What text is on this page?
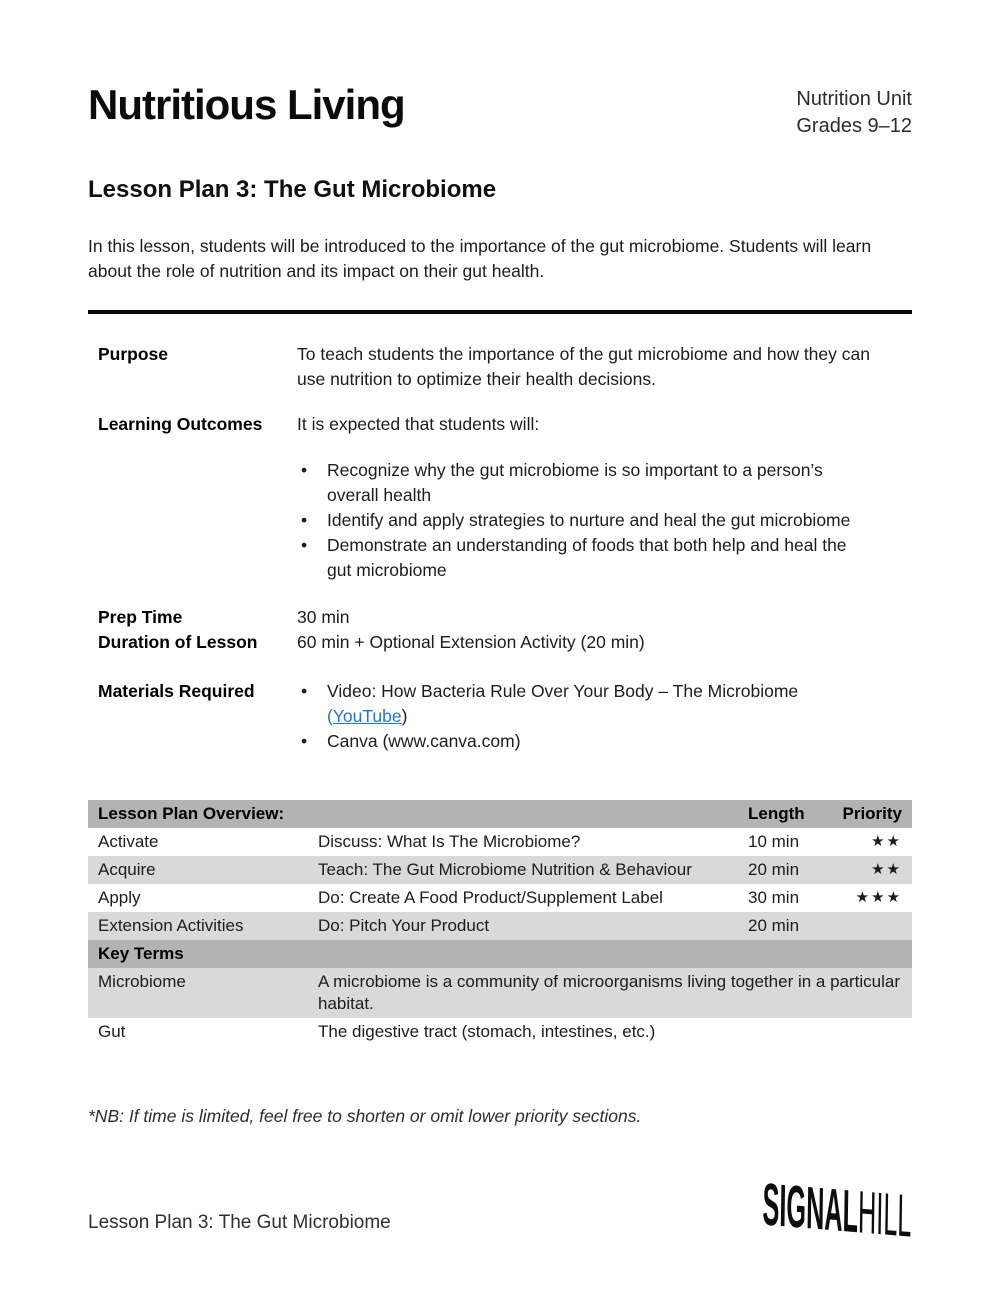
Nutritious Living	Nutrition Unit
Grades 9–12
Lesson Plan 3: The Gut Microbiome
In this lesson, students will be introduced to the importance of the gut microbiome. Students will learn about the role of nutrition and its impact on their gut health.
Purpose	To teach students the importance of the gut microbiome and how they can use nutrition to optimize their health decisions.
Learning Outcomes	It is expected that students will:
• Recognize why the gut microbiome is so important to a person’s overall health
• Identify and apply strategies to nurture and heal the gut microbiome
• Demonstrate an understanding of foods that both help and heal the gut microbiome
Prep Time	30 min
Duration of Lesson	60 min + Optional Extension Activity (20 min)
Materials Required	• Video: How Bacteria Rule Over Your Body – The Microbiome
(YouTube)
• Canva (www.canva.com)
Lesson Plan Overview:		Length	Priority
Activate	Discuss: What Is The Microbiome?	10 min	★★
Acquire	Teach: The Gut Microbiome Nutrition & Behaviour	20 min	★★
Apply	Do: Create A Food Product/Supplement Label	30 min	★★★
Extension Activities	Do: Pitch Your Product	20 min	
Key Terms			
Microbiome	A microbiome is a community of microorganisms living together in a particular habitat.		
Gut	The digestive tract (stomach, intestines, etc.)		
*NB: If time is limited, feel free to shorten or omit lower priority sections.
Lesson Plan 3: The Gut Microbiome	SIGNALHILL
